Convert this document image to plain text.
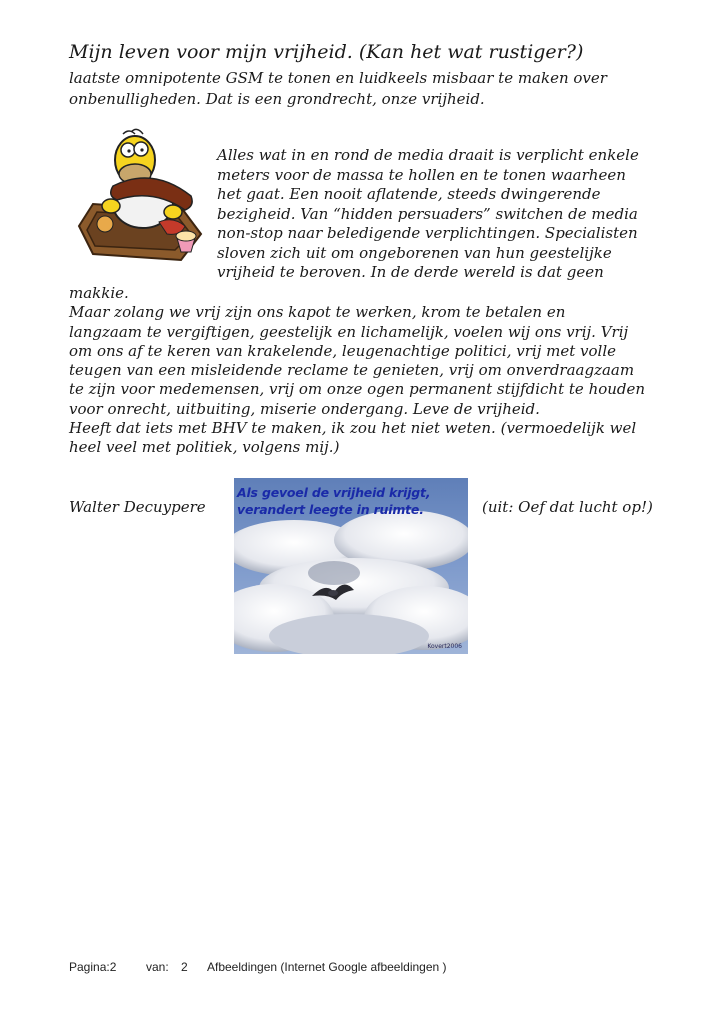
Mijn leven voor mijn vrijheid. (Kan het wat rustiger?)
laatste omnipotente GSM te tonen en luidkeels misbaar te maken over
onbenulligheden. Dat is een grondrecht, onze vrijheid.
Alles wat in en rond de media draait is verplicht enkele
meters voor de massa te hollen en te tonen waarheen
het gaat. Een nooit aflatende, steeds dwingerende
bezigheid. Van “hidden persuaders” switchen de media
non-stop naar beledigende verplichtingen. Specialisten
sloven zich uit om ongeborenen van hun geestelijke
vrijheid te beroven. In de derde wereld is dat geen
makkie.
Maar zolang we vrij zijn ons kapot te werken, krom te betalen en
langzaam te vergiftigen, geestelijk en lichamelijk, voelen wij ons vrij. Vrij
om ons af te keren van krakelende, leugenachtige politici, vrij met volle
teugen van een misleidende reclame te genieten, vrij om onverdraagzaam
te zijn voor medemensen, vrij om onze ogen permanent stijfdicht te houden
voor onrecht, uitbuiting, miserie ondergang. Leve de vrijheid.
Heeft dat iets met BHV te maken, ik zou het niet weten. (vermoedelijk wel
heel veel met politiek, volgens mij.)
Walter Decuypere
Als gevoel de vrijheid krijgt,
verandert leegte in ruimte.
Kovert2006
(uit: Oef dat lucht op!)
Pagina:2 van: 2 Afbeeldingen (Internet Google afbeeldingen )
